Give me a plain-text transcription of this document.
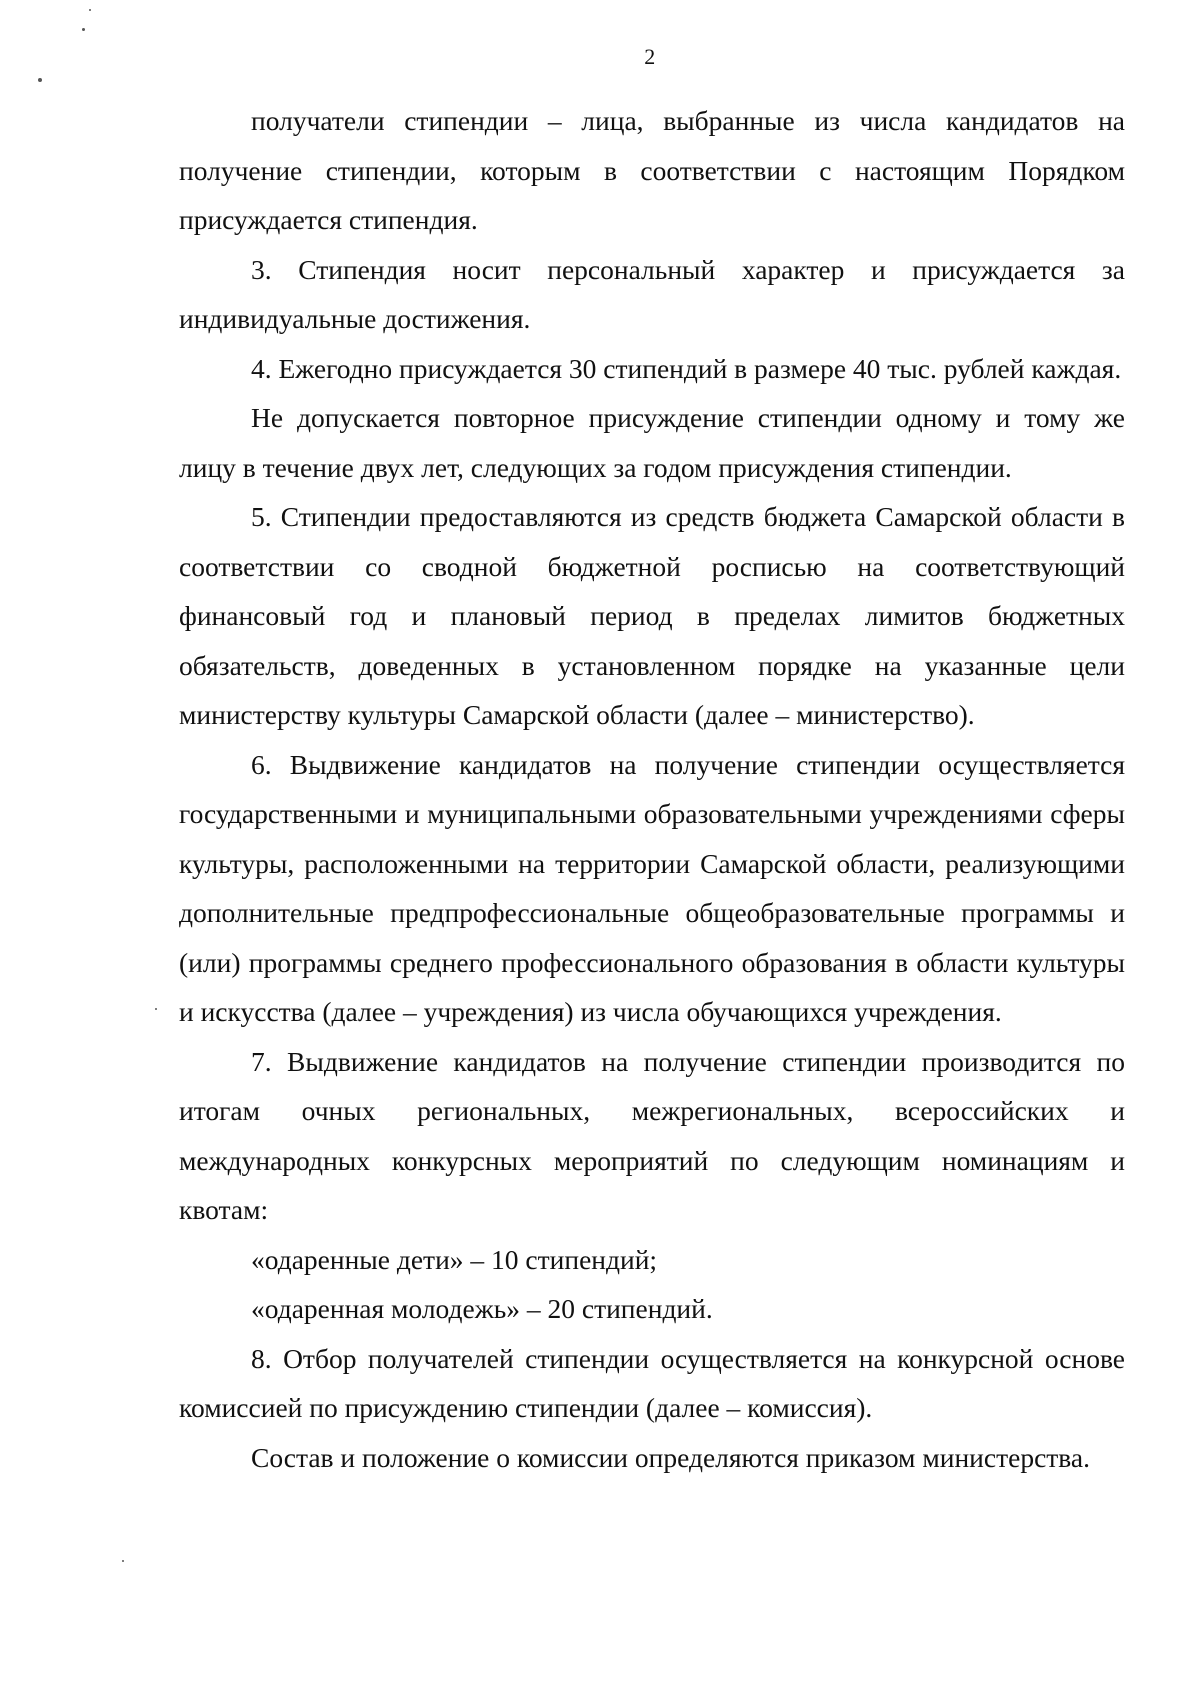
2

получатели стипендии – лица, выбранные из числа кандидатов на получение стипендии, которым в соответствии с настоящим Порядком присуждается стипендия.

3. Стипендия носит персональный характер и присуждается за индивидуальные достижения.

4. Ежегодно присуждается 30 стипендий в размере 40 тыс. рублей каждая.

Не допускается повторное присуждение стипендии одному и тому же лицу в течение двух лет, следующих за годом присуждения стипендии.

5. Стипендии предоставляются из средств бюджета Самарской области в соответствии со сводной бюджетной росписью на соответствующий финансовый год и плановый период в пределах лимитов бюджетных обязательств, доведенных в установленном порядке на указанные цели министерству культуры Самарской области (далее – министерство).

6. Выдвижение кандидатов на получение стипендии осуществляется государственными и муниципальными образовательными учреждениями сферы культуры, расположенными на территории Самарской области, реализующими дополнительные предпрофессиональные общеобразовательные программы и (или) программы среднего профессионального образования в области культуры и искусства (далее – учреждения) из числа обучающихся учреждения.

7. Выдвижение кандидатов на получение стипендии производится по итогам очных региональных, межрегиональных, всероссийских и международных конкурсных мероприятий по следующим номинациям и квотам:

«одаренные дети» – 10 стипендий;

«одаренная молодежь» – 20 стипендий.

8. Отбор получателей стипендии осуществляется на конкурсной основе комиссией по присуждению стипендии (далее – комиссия).

Состав и положение о комиссии определяются приказом министерства.
